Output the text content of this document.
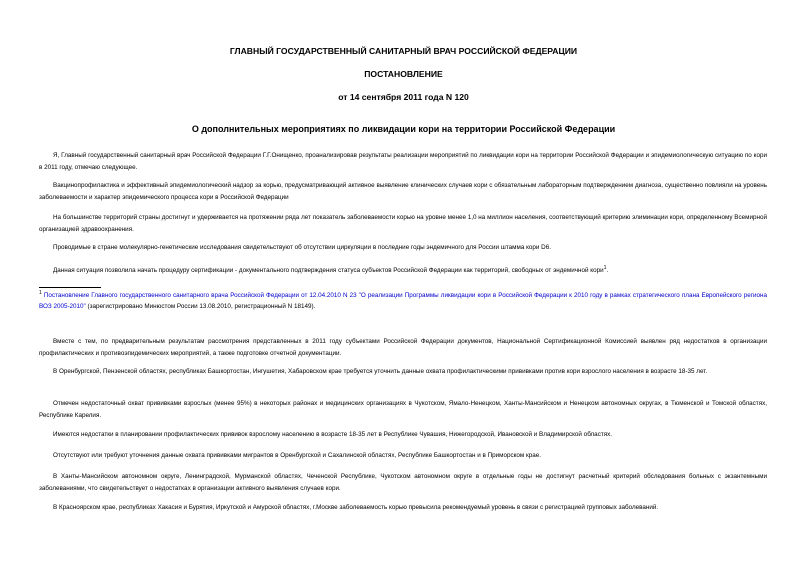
ГЛАВНЫЙ ГОСУДАРСТВЕННЫЙ САНИТАРНЫЙ ВРАЧ РОССИЙСКОЙ ФЕДЕРАЦИИ
ПОСТАНОВЛЕНИЕ
от 14 сентября 2011 года N 120
О дополнительных мероприятиях по ликвидации кори на территории Российской Федерации
Я, Главный государственный санитарный врач Российской Федерации Г.Г.Онищенко, проанализировав результаты реализации мероприятий по ликвидации кори на территории Российской Федерации и эпидемиологическую ситуацию по кори в 2011 году, отмечаю следующее.
Вакцинопрофилактика и эффективный эпидемиологический надзор за корью, предусматривающий активное выявление клинических случаев кори с обязательным лабораторным подтверждением диагноза, существенно повлияли на уровень заболеваемости и характер эпидемического процесса кори в Российской Федерации
На большинстве территорий страны достигнут и удерживается на протяжении ряда лет показатель заболеваемости корью на уровне менее 1,0 на миллион населения, соответствующий критерию элиминации кори, определенному Всемирной организацией здравоохранения.
Проводимые в стране молекулярно-генетические исследования свидетельствуют об отсутствии циркуляции в последние годы эндемичного для России штамма кори D6.
Данная ситуация позволила начать процедуру сертификации - документального подтверждения статуса субъектов Российской Федерации как территорий, свободных от эндемичной кори$^1$.
$^1$ Постановление Главного государственного санитарного врача Российской Федерации от 12.04.2010 N 23 "О реализации Программы ликвидации кори в Российской Федерации к 2010 году в рамках стратегического плана Европейского региона ВОЗ 2005-2010" (зарегистрировано Минюстом России 13.08.2010, регистрационный N 18149).
Вместе с тем, по предварительным результатам рассмотрения представленных в 2011 году субъектами Российской Федерации документов, Национальной Сертификационной Комиссией выявлен ряд недостатков в организации профилактических и противоэпидемических мероприятий, а также подготовке отчетной документации.
В Оренбургской, Пензенской областях, республиках Башкортостан, Ингушетия, Хабаровском крае требуется уточнить данные охвата профилактическими прививками против кори взрослого населения в возрасте 18-35 лет.
Отмечен недостаточный охват прививками взрослых (менее 95%) в некоторых районах и медицинских организациях в Чукотском, Ямало-Ненецком, Ханты-Мансийском и Ненецком автономных округах, в Тюменской и Томской областях, Республике Карелия.
Имеются недостатки в планировании профилактических прививок взрослому населению в возрасте 18-35 лет в Республике Чувашия, Нижегородской, Ивановской и Владимирской областях.
Отсутствуют или требуют уточнения данные охвата прививками мигрантов в Оренбургской и Сахалинской областях, Республике Башкортостан и в Приморском крае.
В Ханты-Мансийском автономном округе, Ленинградской, Мурманской областях, Чеченской Республике, Чукотском автономном округе в отдельные годы не достигнут расчетный критерий обследования больных с экзантемными заболеваниями, что свидетельствует о недостатках в организации активного выявления случаев кори.
В Красноярском крае, республиках Хакасия и Бурятия, Иркутской и Амурской областях, г.Москве заболеваемость корью превысила рекомендуемый уровень в связи с регистрацией групповых заболеваний.
